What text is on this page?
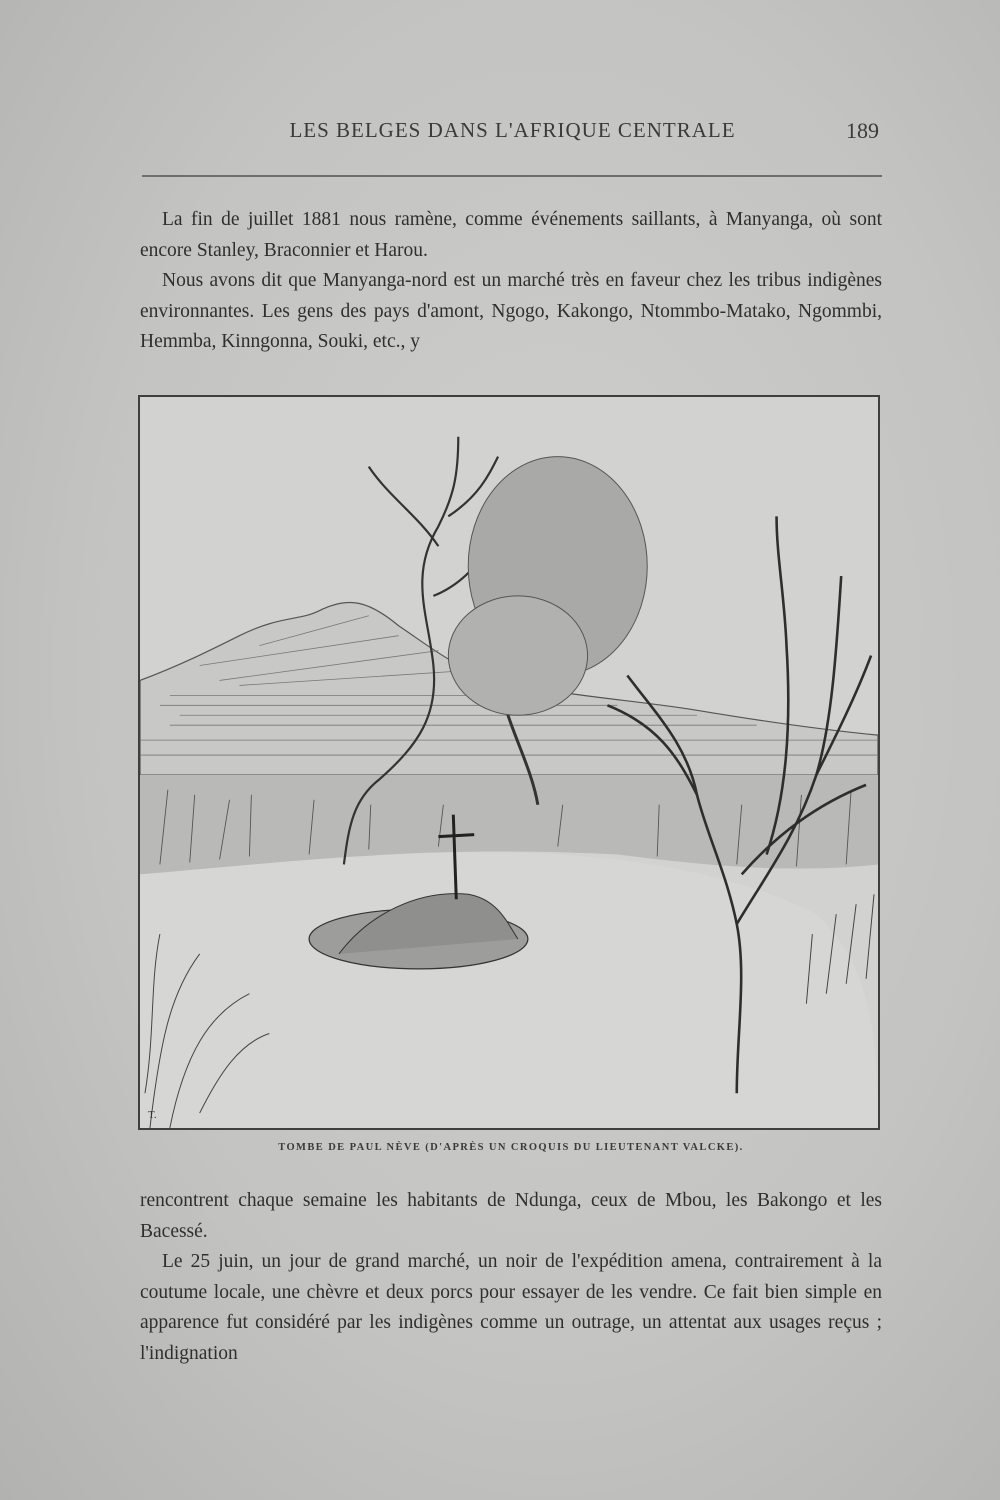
LES BELGES DANS L'AFRIQUE CENTRALE	189

La fin de juillet 1881 nous ramène, comme événements saillants, à Manyanga, où sont encore Stanley, Braconnier et Harou.

Nous avons dit que Manyanga-nord est un marché très en faveur chez les tribus indigènes environnantes. Les gens des pays d'amont, Ngogo, Kakongo, Ntommbo-Matako, Ngommbi, Hemmba, Kinngonna, Souki, etc., y

T.
TOMBE DE PAUL NÈVE (D'APRÈS UN CROQUIS DU LIEUTENANT VALCKE).

rencontrent chaque semaine les habitants de Ndunga, ceux de Mbou, les Bakongo et les Bacessé.

Le 25 juin, un jour de grand marché, un noir de l'expédition amena, contrairement à la coutume locale, une chèvre et deux porcs pour essayer de les vendre. Ce fait bien simple en apparence fut considéré par les indigènes comme un outrage, un attentat aux usages reçus ; l'indignation
